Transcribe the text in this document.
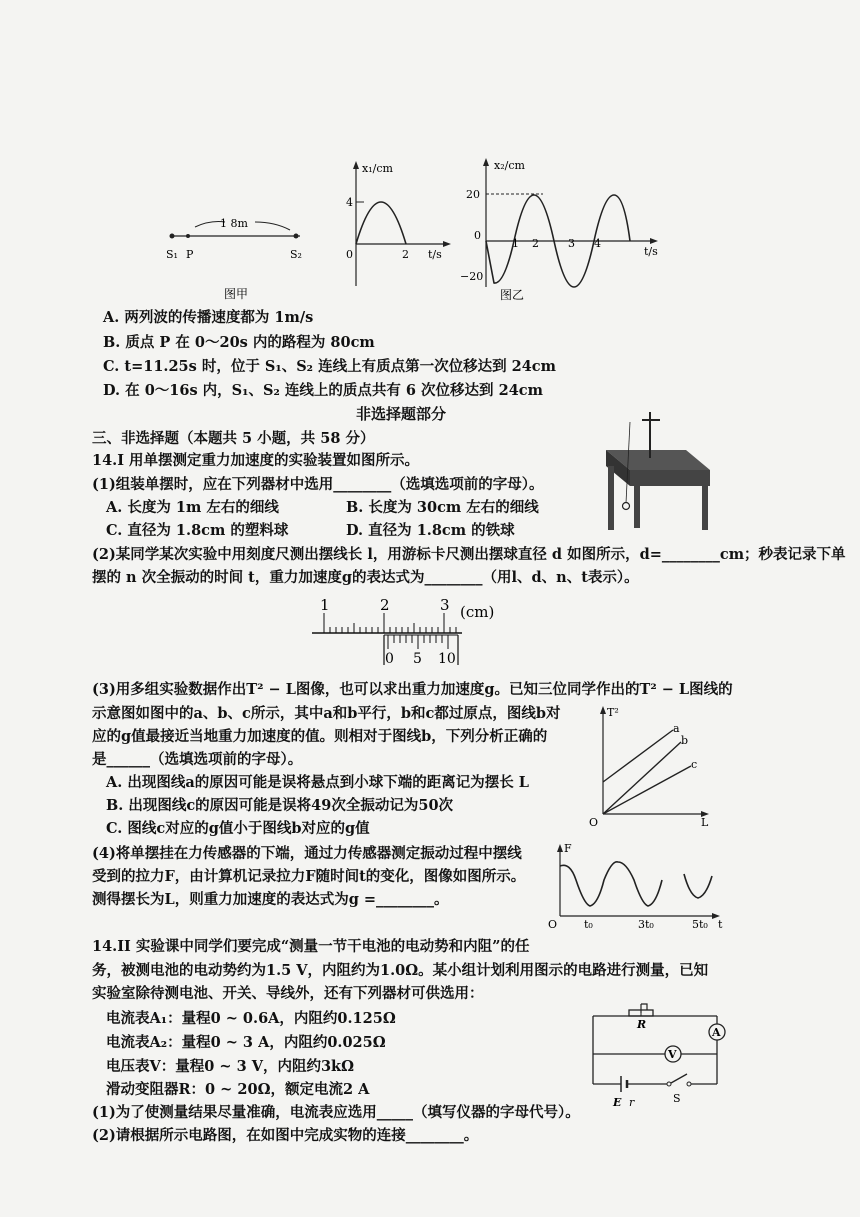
1 8m
S₁ P	S₂
图甲
x₁/cm
4
0	2 t/s
x₂/cm
20
−20
0
1 2	3 4
t/s
图乙
A. 两列波的传播速度都为 1m/s
B. 质点 P 在 0～20s 内的路程为 80cm
C. t=11.25s 时，位于 S₁、S₂ 连线上有质点第一次位移达到 24cm
D. 在 0～16s 内，S₁、S₂ 连线上的质点共有 6 次位移达到 24cm
非选择题部分
三、非选择题（本题共 5 小题，共 58 分）
14.I 用单摆测定重力加速度的实验装置如图所示。
(1)组装单摆时，应在下列器材中选用________（选填选项前的字母）。
A. 长度为 1m 左右的细线	B. 长度为 30cm 左右的细线
C. 直径为 1.8cm 的塑料球	D. 直径为 1.8cm 的铁球
(2)某同学某次实验中用刻度尺测出摆线长 l，用游标卡尺测出摆球直径 d 如图所示，d=________cm；秒表记录下单
摆的 n 次全振动的时间 t，重力加速度g的表达式为________（用l、d、n、t表示）。
1	2	3 (cm)
0 5 10
(3)用多组实验数据作出T² − L图像，也可以求出重力加速度g。已知三位同学作出的T² − L图线的
示意图如图中的a、b、c所示，其中a和b平行，b和c都过原点，图线b对
应的g值最接近当地重力加速度的值。则相对于图线b，下列分析正确的
是______（选填选项前的字母）。
A. 出现图线a的原因可能是误将悬点到小球下端的距离记为摆长 L
B. 出现图线c的原因可能是误将49次全振动记为50次
C. 图线c对应的g值小于图线b对应的g值
T²
L
O
a
b
c
(4)将单摆挂在力传感器的下端，通过力传感器测定振动过程中摆线
受到的拉力F，由计算机记录拉力F随时间t的变化，图像如图所示。
测得摆长为L，则重力加速度的表达式为g =________。
F
t
O t₀	3t₀	5t₀
14.II 实验课中同学们要完成“测量一节干电池的电动势和内阻”的任
务，被测电池的电动势约为1.5 V，内阻约为1.0Ω。某小组计划利用图示的电路进行测量，已知
实验室除待测电池、开关、导线外，还有下列器材可供选用：
电流表A₁：量程0 ~ 0.6A，内阻约0.125Ω
电流表A₂：量程0 ~ 3 A，内阻约0.025Ω
电压表V：量程0 ~ 3 V，内阻约3kΩ
滑动变阻器R：0 ~ 20Ω，额定电流2 A
(1)为了使测量结果尽量准确，电流表应选用_____（填写仪器的字母代号）。
(2)请根据所示电路图，在如图中完成实物的连接________。
A
V
R
E r	S
